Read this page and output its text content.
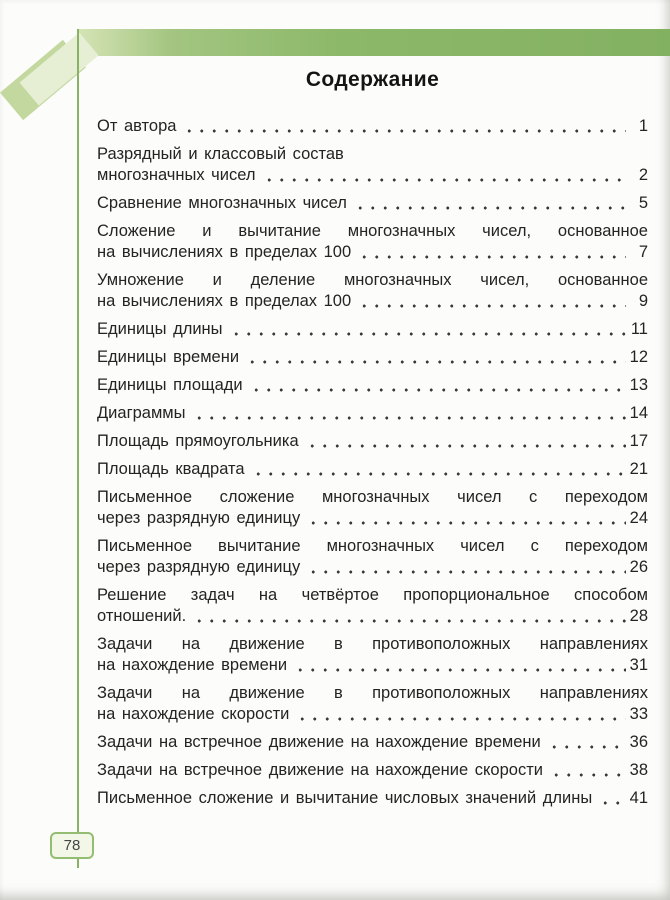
Содержание
От автора	1
Разрядный и классовый состав
многозначных чисел	2
Сравнение многозначных чисел	5
Сложение и вычитание многозначных чисел, основанное
на вычислениях в пределах 100	7
Умножение и деление многозначных чисел, основанное
на вычислениях в пределах 100	9
Единицы длины	11
Единицы времени	12
Единицы площади	13
Диаграммы	14
Площадь прямоугольника	17
Площадь квадрата	21
Письменное сложение многозначных чисел с переходом
через разрядную единицу	24
Письменное вычитание многозначных чисел с переходом
через разрядную единицу	26
Решение задач на четвёртое пропорциональное способом
отношений.	28
Задачи на движение в противоположных направлениях
на нахождение времени	31
Задачи на движение в противоположных направлениях
на нахождение скорости	33
Задачи на встречное движение на нахождение времени	36
Задачи на встречное движение на нахождение скорости	38
Письменное сложение и вычитание числовых значений длины 41
78
